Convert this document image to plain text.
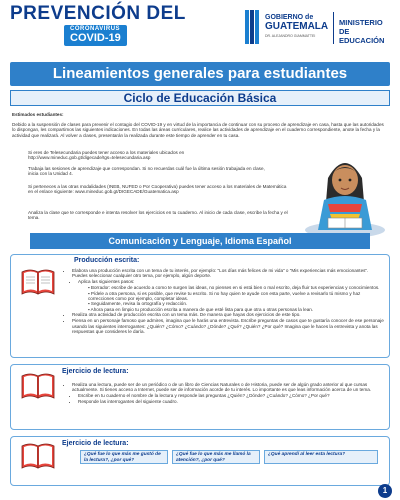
PREVENCIÓN DEL
CORONAVIRUS
COVID-19
GOBIERNO de
GUATEMALA
DR. ALEJANDRO GIAMMATTEI
MINISTERIO DE
EDUCACIÓN
Lineamientos generales para estudiantes
Ciclo de Educación Básica
Estimados estudiantes:
Debido a la suspensión de clases para prevenir el contagio del COVID-19 y en virtud de la importancia de continuar con su proceso de aprendizaje en casa, hasta que las autoridades lo dispongan, les compartimos las siguientes indicaciones. En todas las áreas curriculares, realice las actividades de aprendizaje en el cuaderno correspondiente, anote la fecha y la actividad que realizará. Al volver a clases, presentarán la realizada durante este tiempo de aprender en tu casa.
Si eres de Telesecundaria puedes tener acceso a los materiales ubicados en http://www.mineduc.gob.gt/digecade/tgs=telesecundaria.asp
Trabaja las sesiones de aprendizaje que correspondan. Si no recuerdas cuál fue la última sesión trabajada en clase, inicia con la Unidad 4.
Si perteneces a las otras modalidades (INEB, NUFED o Por Cooperativa) puedes tener acceso a los materiales de Matemática en el enlace siguiente: www.mineduc.gob.gt/DIGECADE/Guatematica.asp
Analiza la clase que te corresponde e intenta resolver los ejercicios en tu cuaderno. Al inicio de cada clase, escribe la fecha y el tema.
Comunicación y Lenguaje, Idioma Español
Producción escrita:
• Elabora una producción escrita con un tema de tu interés, por ejemplo: "Los días más felices de mi vida" o "Mis experiencias más emocionantes". Puedes seleccionar cualquier otro tema, por ejemplo, algún deporte.
• Aplica las siguientes pasos:
▪ Borrador: escribe de acuerdo a como te surgen las ideas, no pienses en si está bien o mal escrito, deja fluir tus experiencias y conocimientos.
▪ Pídele a otra persona, si es posible, que revise tu escrito. Si no hay quien te ayude con esta parte, vuelve a revisarlo tú mismo y haz correcciones como por ejemplo, completar ideas.
▪ Seguidamente, revisa la ortografía y redacción.
▪ Ahora pasa en limpio tu producción escrita a manera de que esté lista para que otra u otras personas la lean.
• Realiza otra actividad de producción escrita con un tema más. De manera que hayas dos ejercicios de este tipo.
• Piensa en un personaje famoso que admires, imagina que le harás una entrevista. Escribe preguntas de casos que te gustaría conocer de ese personaje usando las siguientes interrogantes: ¿Quién? ¿Cómo? ¿Cuándo? ¿Dónde? ¿Qué? ¿Quién? ¿Por qué? Imagina que le haces la entrevista y anota las respuestas que consideres le daría.
Ejercicio de lectura:
• Realiza una lectura, puede ser de un periódico o de un libro de Ciencias Naturales o de Historia, puede ser de algún grado anterior al que cursas actualmente. Si tienes acceso a Internet, puede ser de información acorde de tu interés. Lo importante es que leas información acerca de un tema.
• Escribe en tu cuaderno el nombre de la lectura y responde las preguntas ¿Quién? ¿Dónde? ¿Cuándo? ¿Cómo? ¿Por qué?
• Responde las interrogantes del siguiente cuadro.
Ejercicio de lectura:
¿Qué fue lo que más me gustó de la lectura?, ¿por qué?
¿Qué fue lo que más me llamó la atención?, ¿por qué?
¿Qué aprendí al leer esta lectura?
1
